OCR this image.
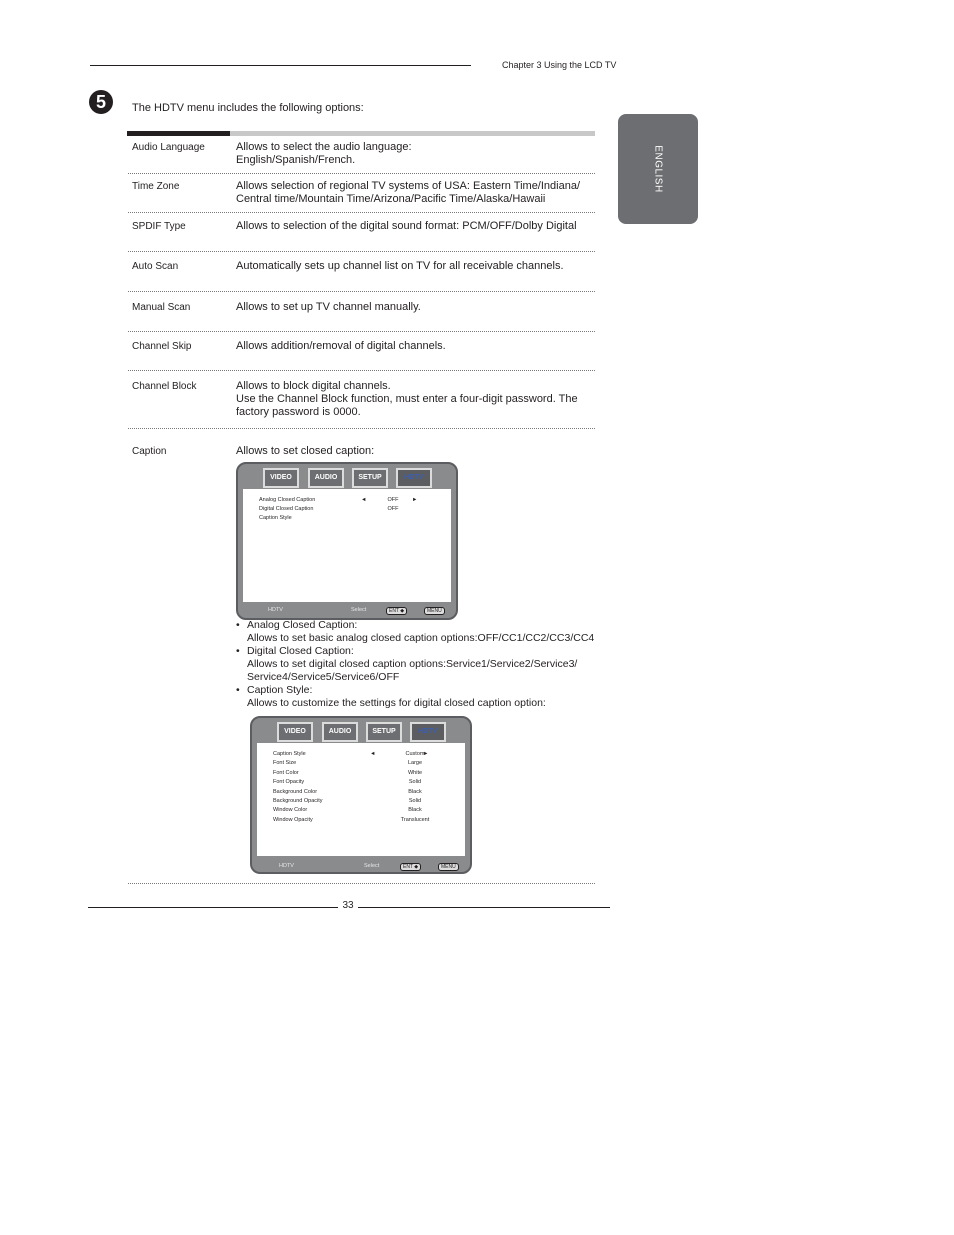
Chapter 3 Using the LCD TV
ENGLISH
5	The HDTV menu includes the following options:
Audio Language	Allows to select the audio language:
English/Spanish/French.
Time Zone	Allows selection of regional TV systems of USA: Eastern Time/Indiana/
Central time/Mountain Time/Arizona/Pacific Time/Alaska/Hawaii
SPDIF Type	Allows to selection of the digital sound format: PCM/OFF/Dolby Digital
Auto Scan	Automatically sets up channel list on TV for all receivable channels.
Manual Scan	Allows to set up TV channel manually.
Channel Skip	Allows addition/removal of digital channels.
Channel Block	Allows to block digital channels.
Use the Channel Block function, must enter a four-digit password. The
factory password is 0000.
Caption	Allows to set closed caption:
VIDEO	AUDIO	SETUP	HDTV
Analog Closed Caption	OFF
◄	►
Digital Closed Caption	OFF
Caption Style
HDTV	Select	ENT ◆	MENU
• Analog Closed Caption:
Allows to set basic analog closed caption options:OFF/CC1/CC2/CC3/CC4
• Digital Closed Caption:
Allows to set digital closed caption options:Service1/Service2/Service3/
Service4/Service5/Service6/OFF
• Caption Style:
Allows to customize the settings for digital closed caption option:
VIDEO	AUDIO	SETUP	HDTV
Caption Style	Custom
◄	►
Font Size	Large
Font Color	White
Font Opacity	Solid
Background Color	Black
Background Opacity	Solid
Window Color	Black
Window Opacity	Translucent
HDTV	Select	ENT ◆	MENU
33
